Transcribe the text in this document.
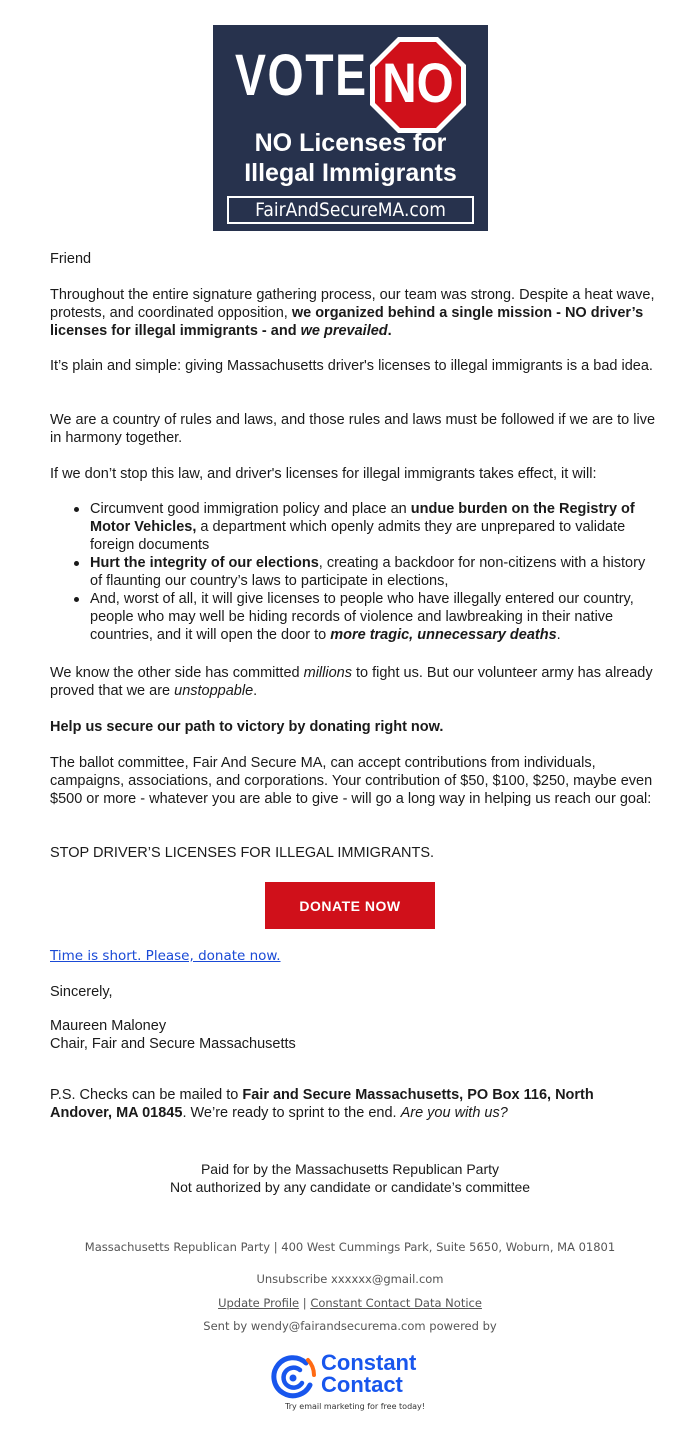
VOTE NO
NO Licenses for
Illegal Immigrants
FairAndSecureMA.com
Friend
Throughout the entire signature gathering process, our team was strong. Despite a heat wave, protests, and coordinated opposition, we organized behind a single mission - NO driver’s licenses for illegal immigrants - and we prevailed.
It’s plain and simple: giving Massachusetts driver's licenses to illegal immigrants is a bad idea.
We are a country of rules and laws, and those rules and laws must be followed if we are to live in harmony together.
If we don’t stop this law, and driver's licenses for illegal immigrants takes effect, it will:
Circumvent good immigration policy and place an undue burden on the Registry of Motor Vehicles, a department which openly admits they are unprepared to validate foreign documents
Hurt the integrity of our elections, creating a backdoor for non-citizens with a history of flaunting our country’s laws to participate in elections,
And, worst of all, it will give licenses to people who have illegally entered our country, people who may well be hiding records of violence and lawbreaking in their native countries, and it will open the door to more tragic, unnecessary deaths.
We know the other side has committed millions to fight us. But our volunteer army has already proved that we are unstoppable.
Help us secure our path to victory by donating right now.
The ballot committee, Fair And Secure MA, can accept contributions from individuals, campaigns, associations, and corporations. Your contribution of $50, $100, $250, maybe even $500 or more - whatever you are able to give - will go a long way in helping us reach our goal:
STOP DRIVER’S LICENSES FOR ILLEGAL IMMIGRANTS.
DONATE NOW
Time is short. Please, donate now.
Sincerely,
Maureen Maloney
Chair, Fair and Secure Massachusetts
P.S. Checks can be mailed to Fair and Secure Massachusetts, PO Box 116, North Andover, MA 01845. We’re ready to sprint to the end. Are you with us?
Paid for by the Massachusetts Republican Party
Not authorized by any candidate or candidate’s committee
Massachusetts Republican Party | 400 West Cummings Park, Suite 5650, Woburn, MA 01801
Unsubscribe xxxxxx@gmail.com
Update Profile | Constant Contact Data Notice
Sent by wendy@fairandsecurema.com powered by
Constant
Contact
Try email marketing for free today!
